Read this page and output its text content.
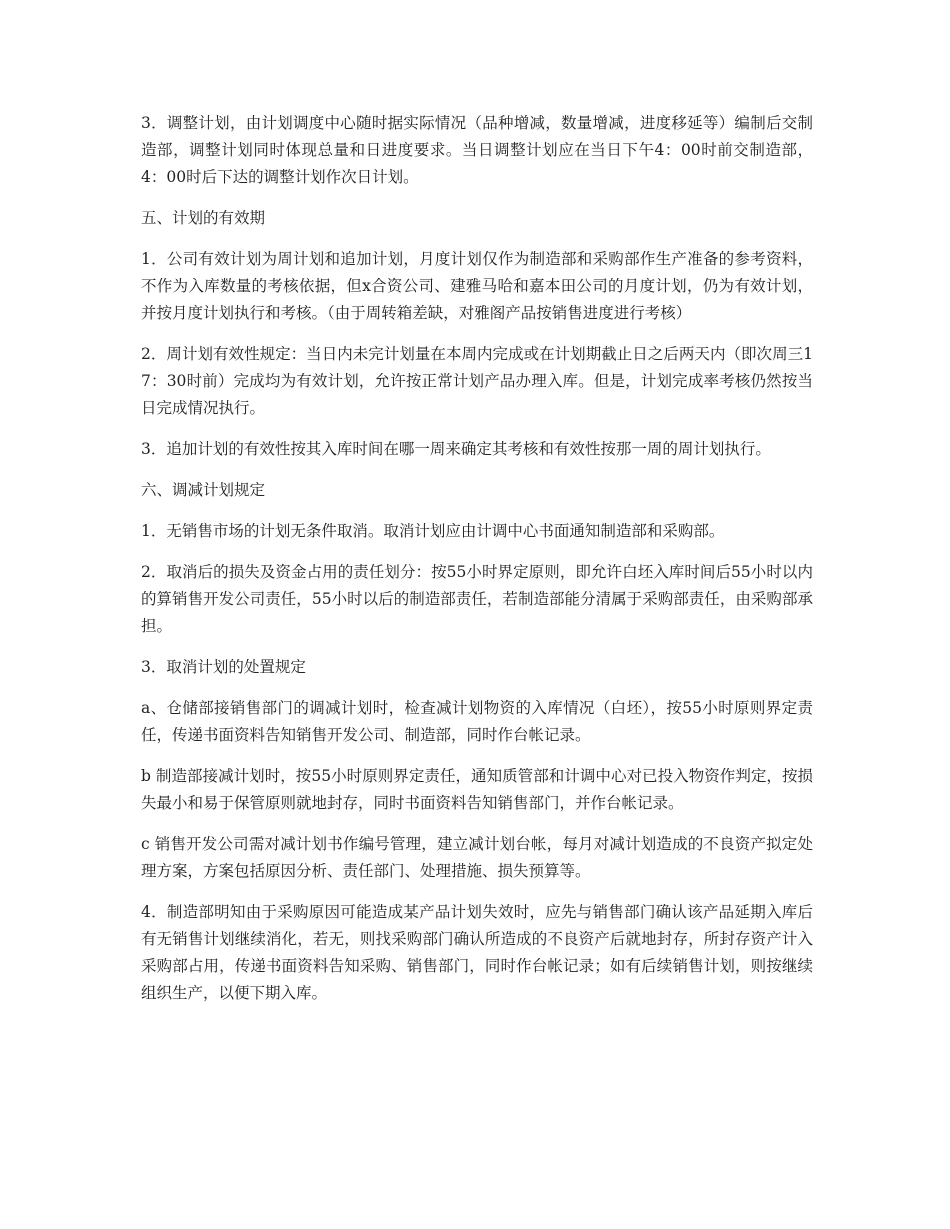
3．调整计划，由计划调度中心随时据实际情况（品种增减，数量增减，进度移延等）编制后交制造部，调整计划同时体现总量和日进度要求。当日调整计划应在当日下午4：00时前交制造部，4：00时后下达的调整计划作次日计划。

五、计划的有效期

1．公司有效计划为周计划和追加计划，月度计划仅作为制造部和采购部作生产准备的参考资料，不作为入库数量的考核依据，但x合资公司、建雅马哈和嘉本田公司的月度计划，仍为有效计划，并按月度计划执行和考核。（由于周转箱差缺，对雅阁产品按销售进度进行考核）

2．周计划有效性规定：当日内未完计划量在本周内完成或在计划期截止日之后两天内（即次周三17：30时前）完成均为有效计划，允许按正常计划产品办理入库。但是，计划完成率考核仍然按当日完成情况执行。

3．追加计划的有效性按其入库时间在哪一周来确定其考核和有效性按那一周的周计划执行。

六、调减计划规定

1．无销售市场的计划无条件取消。取消计划应由计调中心书面通知制造部和采购部。

2．取消后的损失及资金占用的责任划分：按55小时界定原则，即允许白坯入库时间后55小时以内的算销售开发公司责任，55小时以后的制造部责任，若制造部能分清属于采购部责任，由采购部承担。

3．取消计划的处置规定

a、仓储部接销售部门的调减计划时，检查减计划物资的入库情况（白坯），按55小时原则界定责任，传递书面资料告知销售开发公司、制造部，同时作台帐记录。

b 制造部接减计划时，按55小时原则界定责任，通知质管部和计调中心对已投入物资作判定，按损失最小和易于保管原则就地封存，同时书面资料告知销售部门，并作台帐记录。

c 销售开发公司需对减计划书作编号管理，建立减计划台帐，每月对减计划造成的不良资产拟定处理方案，方案包括原因分析、责任部门、处理措施、损失预算等。

4．制造部明知由于采购原因可能造成某产品计划失效时，应先与销售部门确认该产品延期入库后有无销售计划继续消化，若无，则找采购部门确认所造成的不良资产后就地封存，所封存资产计入采购部占用，传递书面资料告知采购、销售部门，同时作台帐记录；如有后续销售计划，则按继续组织生产，以便下期入库。
